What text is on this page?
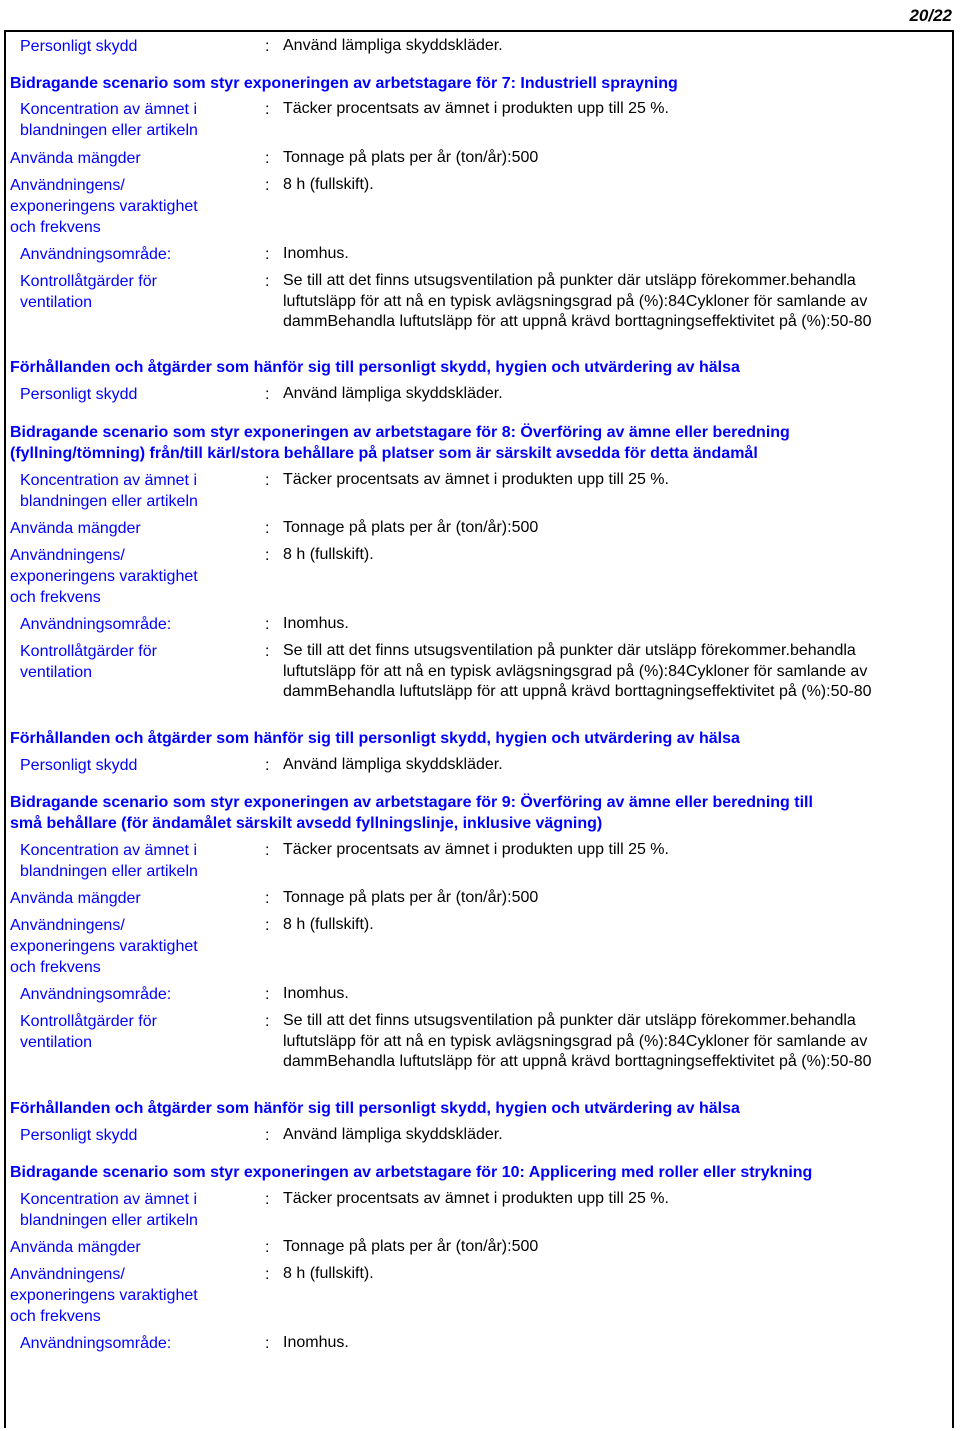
20/22
Personligt skydd	: Använd lämpliga skyddskläder.
Bidragande scenario som styr exponeringen av arbetstagare för 7: Industriell sprayning
Koncentration av ämnet i
blandningen eller artikeln
: Täcker procentsats av ämnet i produkten upp till 25 %.
Använda mängder	: Tonnage på plats per år (ton/år):500
Användningens/
exponeringens varaktighet
och frekvens
: 8 h (fullskift).
Användningsområde:	: Inomhus.
Kontrollåtgärder för
ventilation
: Se till att det finns utsugsventilation på punkter där utsläpp förekommer.behandla
luftutsläpp för att nå en typisk avlägsningsgrad på (%):84Cykloner för samlande av
dammBehandla luftutsläpp för att uppnå krävd borttagningseffektivitet på (%):50-80
Förhållanden och åtgärder som hänför sig till personligt skydd, hygien och utvärdering av hälsa
Personligt skydd	: Använd lämpliga skyddskläder.
Bidragande scenario som styr exponeringen av arbetstagare för 8: Överföring av ämne eller beredning
(fyllning/tömning) från/till kärl/stora behållare på platser som är särskilt avsedda för detta ändamål
Koncentration av ämnet i
blandningen eller artikeln
: Täcker procentsats av ämnet i produkten upp till 25 %.
Använda mängder	: Tonnage på plats per år (ton/år):500
Användningens/
exponeringens varaktighet
och frekvens
: 8 h (fullskift).
Användningsområde:	: Inomhus.
Kontrollåtgärder för
ventilation
: Se till att det finns utsugsventilation på punkter där utsläpp förekommer.behandla
luftutsläpp för att nå en typisk avlägsningsgrad på (%):84Cykloner för samlande av
dammBehandla luftutsläpp för att uppnå krävd borttagningseffektivitet på (%):50-80
Förhållanden och åtgärder som hänför sig till personligt skydd, hygien och utvärdering av hälsa
Personligt skydd	: Använd lämpliga skyddskläder.
Bidragande scenario som styr exponeringen av arbetstagare för 9: Överföring av ämne eller beredning till
små behållare (för ändamålet särskilt avsedd fyllningslinje, inklusive vägning)
Koncentration av ämnet i
blandningen eller artikeln
: Täcker procentsats av ämnet i produkten upp till 25 %.
Använda mängder	: Tonnage på plats per år (ton/år):500
Användningens/
exponeringens varaktighet
och frekvens
: 8 h (fullskift).
Användningsområde:	: Inomhus.
Kontrollåtgärder för
ventilation
: Se till att det finns utsugsventilation på punkter där utsläpp förekommer.behandla
luftutsläpp för att nå en typisk avlägsningsgrad på (%):84Cykloner för samlande av
dammBehandla luftutsläpp för att uppnå krävd borttagningseffektivitet på (%):50-80
Förhållanden och åtgärder som hänför sig till personligt skydd, hygien och utvärdering av hälsa
Personligt skydd	: Använd lämpliga skyddskläder.
Bidragande scenario som styr exponeringen av arbetstagare för 10: Applicering med roller eller strykning
Koncentration av ämnet i
blandningen eller artikeln
: Täcker procentsats av ämnet i produkten upp till 25 %.
Använda mängder	: Tonnage på plats per år (ton/år):500
Användningens/
exponeringens varaktighet
och frekvens
: 8 h (fullskift).
Användningsområde:	: Inomhus.
